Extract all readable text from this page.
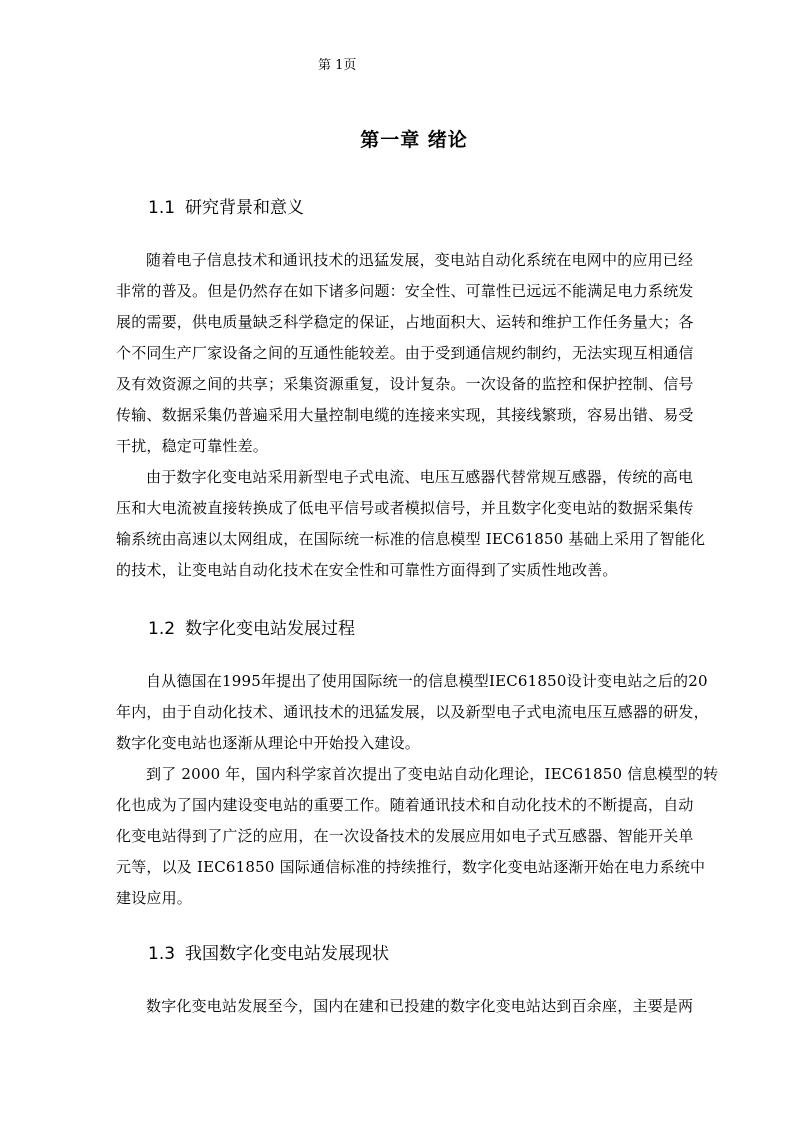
第 1页
第一章 绪论
1.1 研究背景和意义
随着电子信息技术和通讯技术的迅猛发展，变电站自动化系统在电网中的应用已经
非常的普及。但是仍然存在如下诸多问题：安全性、可靠性已远远不能满足电力系统发
展的需要，供电质量缺乏科学稳定的保证，占地面积大、运转和维护工作任务量大；各
个不同生产厂家设备之间的互通性能较差。由于受到通信规约制约，无法实现互相通信
及有效资源之间的共享；采集资源重复，设计复杂。一次设备的监控和保护控制、信号
传输、数据采集仍普遍采用大量控制电缆的连接来实现，其接线繁琐，容易出错、易受
干扰，稳定可靠性差。
由于数字化变电站采用新型电子式电流、电压互感器代替常规互感器，传统的高电
压和大电流被直接转换成了低电平信号或者模拟信号，并且数字化变电站的数据采集传
输系统由高速以太网组成，在国际统一标准的信息模型 IEC61850 基础上采用了智能化
的技术，让变电站自动化技术在安全性和可靠性方面得到了实质性地改善。
1.2 数字化变电站发展过程
自从德国在1995年提出了使用国际统一的信息模型IEC61850设计变电站之后的20
年内，由于自动化技术、通讯技术的迅猛发展，以及新型电子式电流电压互感器的研发，
数字化变电站也逐渐从理论中开始投入建设。
到了 2000 年，国内科学家首次提出了变电站自动化理论，IEC61850 信息模型的转
化也成为了国内建设变电站的重要工作。随着通讯技术和自动化技术的不断提高，自动
化变电站得到了广泛的应用，在一次设备技术的发展应用如电子式互感器、智能开关单
元等，以及 IEC61850 国际通信标准的持续推行，数字化变电站逐渐开始在电力系统中
建设应用。
1.3 我国数字化变电站发展现状
数字化变电站发展至今，国内在建和已投建的数字化变电站达到百余座，主要是两
